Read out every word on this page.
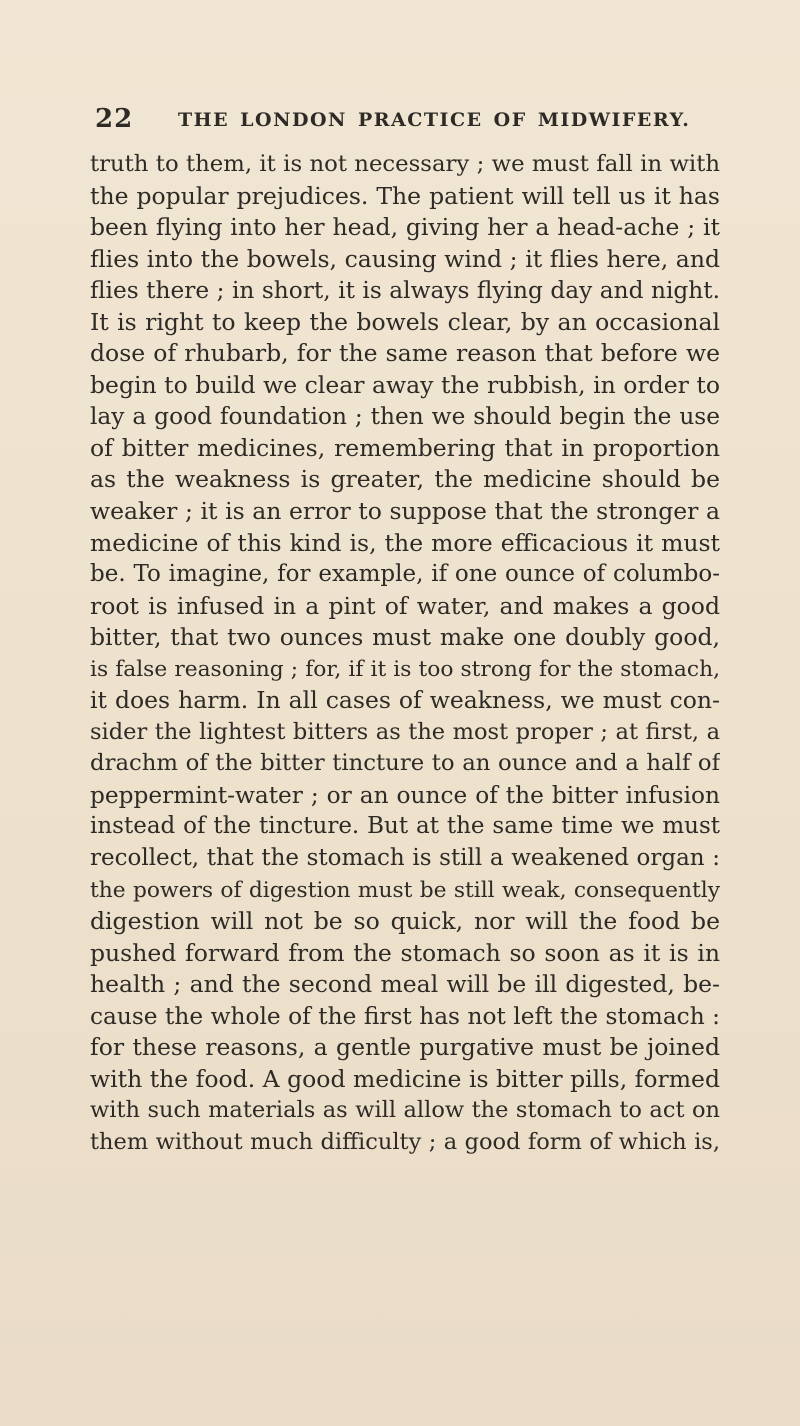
22 THE LONDON PRACTICE OF MIDWIFERY.
truth to them, it is not necessary ; we must fall in with
the popular prejudices. The patient will tell us it has
been flying into her head, giving her a head-ache ; it
flies into the bowels, causing wind ; it flies here, and
flies there ; in short, it is always flying day and night.
It is right to keep the bowels clear, by an occasional
dose of rhubarb, for the same reason that before we
begin to build we clear away the rubbish, in order to
lay a good foundation ; then we should begin the use
of bitter medicines, remembering that in proportion
as the weakness is greater, the medicine should be
weaker ; it is an error to suppose that the stronger a
medicine of this kind is, the more efficacious it must
be. To imagine, for example, if one ounce of columbo-
root is infused in a pint of water, and makes a good
bitter, that two ounces must make one doubly good,
is false reasoning ; for, if it is too strong for the stomach,
it does harm. In all cases of weakness, we must con-
sider the lightest bitters as the most proper ; at first, a
drachm of the bitter tincture to an ounce and a half of
peppermint-water ; or an ounce of the bitter infusion
instead of the tincture. But at the same time we must
recollect, that the stomach is still a weakened organ :
the powers of digestion must be still weak, consequently
digestion will not be so quick, nor will the food be
pushed forward from the stomach so soon as it is in
health ; and the second meal will be ill digested, be-
cause the whole of the first has not left the stomach :
for these reasons, a gentle purgative must be joined
with the food. A good medicine is bitter pills, formed
with such materials as will allow the stomach to act on
them without much difficulty ; a good form of which is,
